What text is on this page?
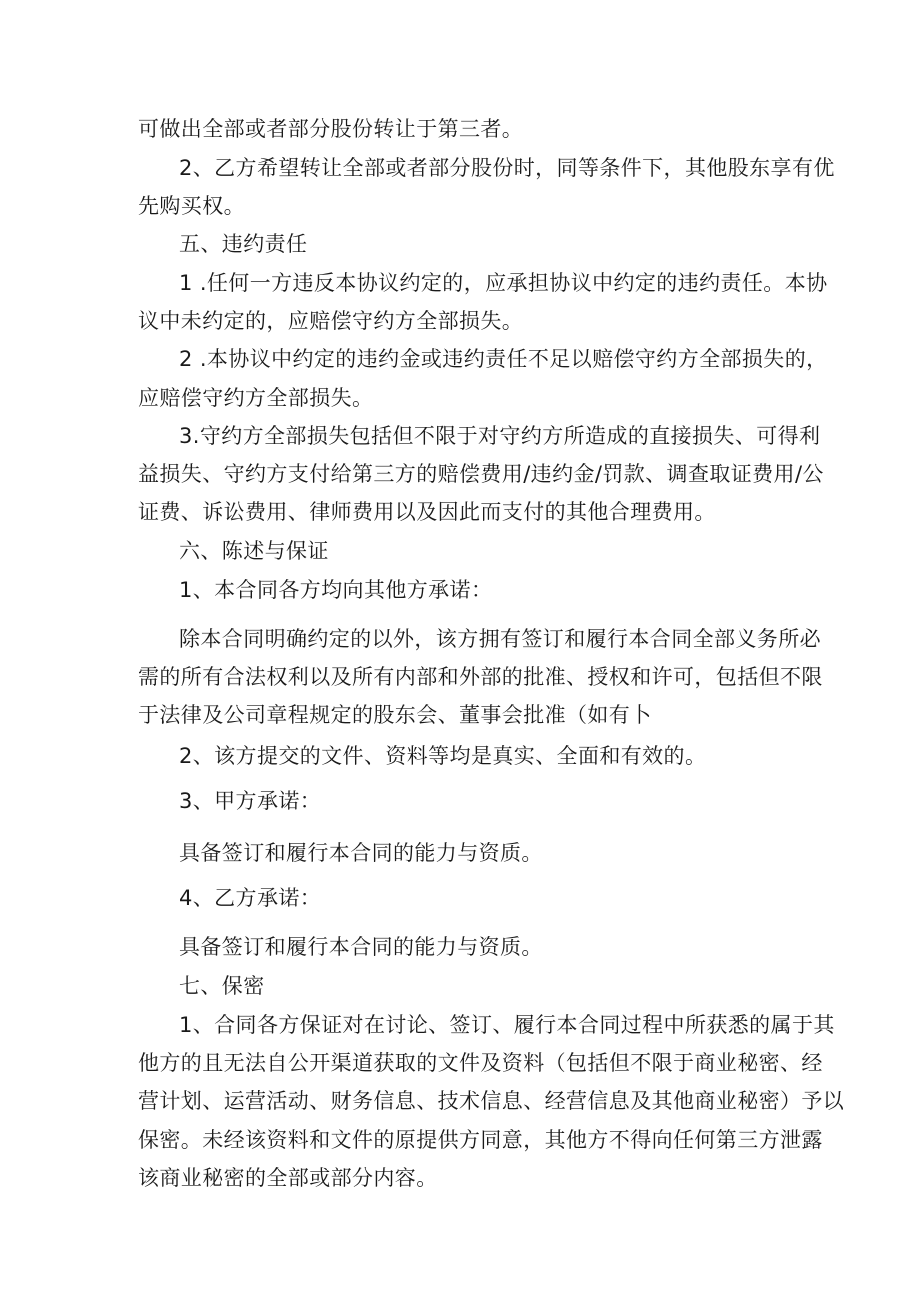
可做出全部或者部分股份转让于第三者。

2、乙方希望转让全部或者部分股份时，同等条件下，其他股东享有优

先购买权。

五、违约责任

1 .任何一方违反本协议约定的，应承担协议中约定的违约责任。本协

议中未约定的，应赔偿守约方全部损失。

2 .本协议中约定的违约金或违约责任不足以赔偿守约方全部损失的，

应赔偿守约方全部损失。

3.守约方全部损失包括但不限于对守约方所造成的直接损失、可得利

益损失、守约方支付给第三方的赔偿费用/违约金/罚款、调查取证费用/公

证费、诉讼费用、律师费用以及因此而支付的其他合理费用。

六、陈述与保证

1、本合同各方均向其他方承诺：

除本合同明确约定的以外，该方拥有签订和履行本合同全部义务所必

需的所有合法权利以及所有内部和外部的批准、授权和许可，包括但不限

于法律及公司章程规定的股东会、董事会批准（如有卜

2、该方提交的文件、资料等均是真实、全面和有效的。

3、甲方承诺：

具备签订和履行本合同的能力与资质。

4、乙方承诺：

具备签订和履行本合同的能力与资质。

七、保密

1、合同各方保证对在讨论、签订、履行本合同过程中所获悉的属于其

他方的且无法自公开渠道获取的文件及资料（包括但不限于商业秘密、经

营计划、运营活动、财务信息、技术信息、经营信息及其他商业秘密）予以

保密。未经该资料和文件的原提供方同意，其他方不得向任何第三方泄露

该商业秘密的全部或部分内容。
